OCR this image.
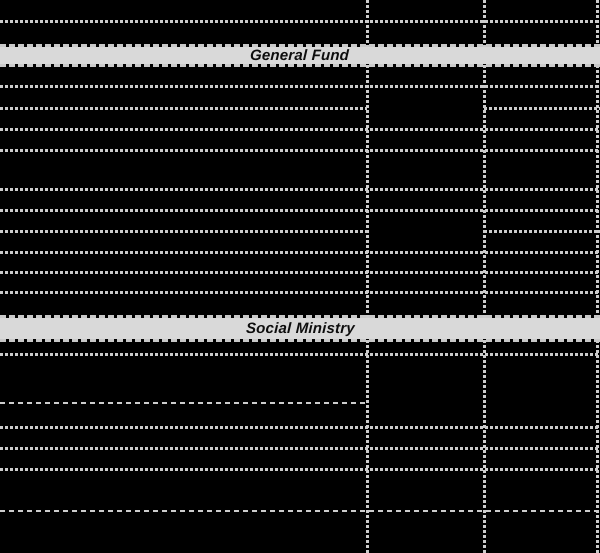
General Fund
Social Ministry
